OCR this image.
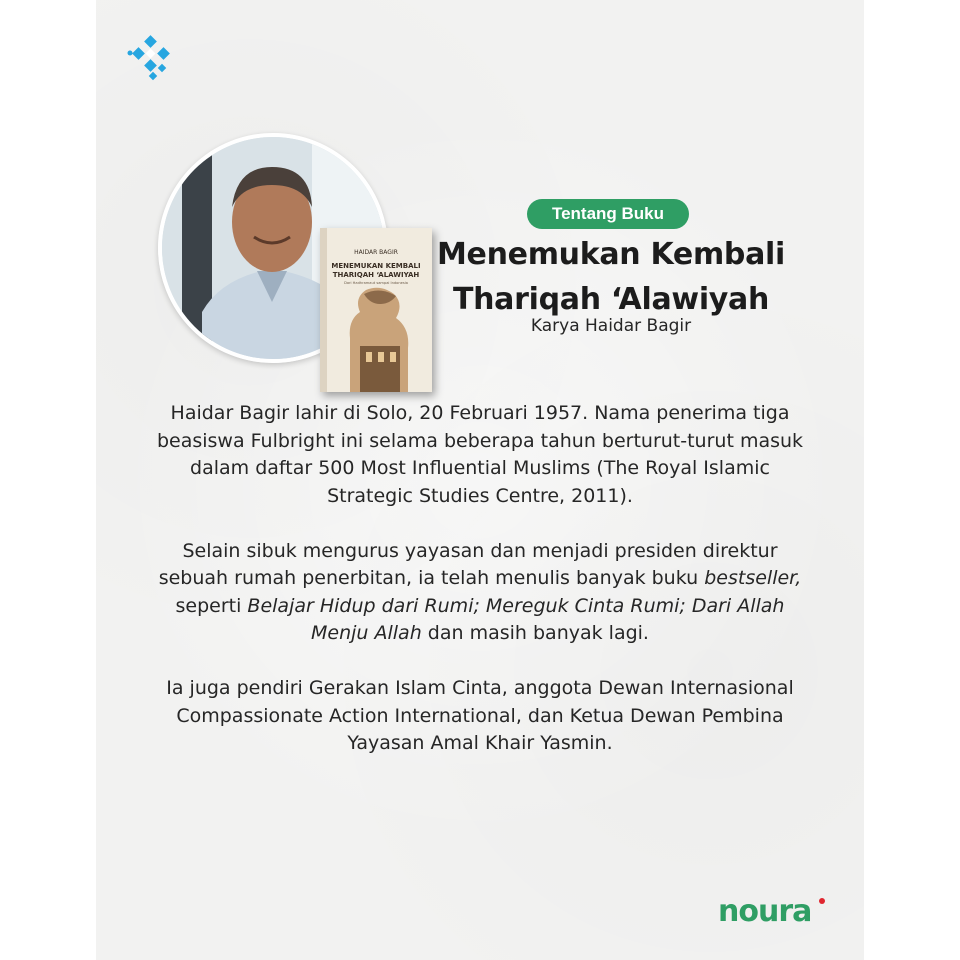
HAIDAR BAGIR
MENEMUKAN KEMBALI
THARIQAH ‘ALAWIYAH
Dari Hadhramaut sampai Indonesia
Tentang Buku
Menemukan Kembali
Thariqah ‘Alawiyah
Karya Haidar Bagir

Haidar Bagir lahir di Solo, 20 Februari 1957. Nama penerima tiga beasiswa Fulbright ini selama beberapa tahun berturut-turut masuk dalam daftar 500 Most Influential Muslims (The Royal Islamic Strategic Studies Centre, 2011).

Selain sibuk mengurus yayasan dan menjadi presiden direktur sebuah rumah penerbitan, ia telah menulis banyak buku bestseller, seperti Belajar Hidup dari Rumi; Mereguk Cinta Rumi; Dari Allah Menju Allah dan masih banyak lagi.

Ia juga pendiri Gerakan Islam Cinta, anggota Dewan Internasional Compassionate Action International, dan Ketua Dewan Pembina Yayasan Amal Khair Yasmin.

noura
